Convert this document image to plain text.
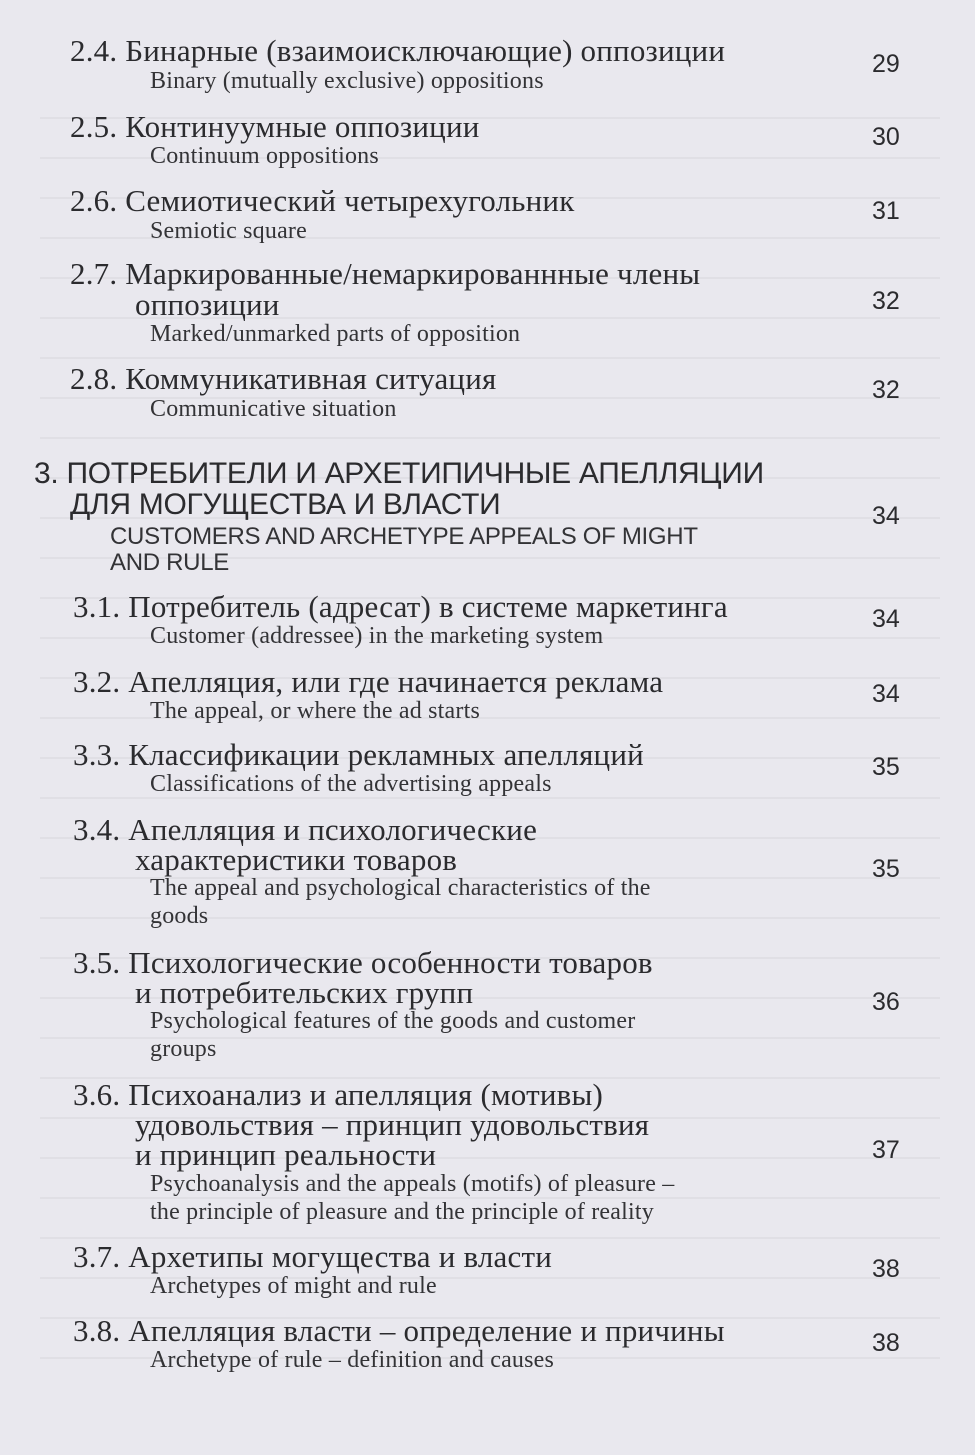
2.4. Бинарные (взаимоисключающие) оппозиции
Binary (mutually exclusive) oppositions
29
2.5. Континуумные оппозиции
Continuum oppositions
30
2.6. Семиотический четырехугольник
Semiotic square
31
2.7. Маркированные/немаркированнные члены
оппозиции
Marked/unmarked parts of opposition
32
2.8. Коммуникативная ситуация
Communicative situation
32
3. ПОТРЕБИТЕЛИ И АРХЕТИПИЧНЫЕ АПЕЛЛЯЦИИ
ДЛЯ МОГУЩЕСТВА И ВЛАСТИ
CUSTOMERS AND ARCHETYPE APPEALS OF MIGHT
AND RULE
34
3.1. Потребитель (адресат) в системе маркетинга
Customer (addressee) in the marketing system
34
3.2. Апелляция, или где начинается реклама
The appeal, or where the ad starts
34
3.3. Классификации рекламных апелляций
Classifications of the advertising appeals
35
3.4. Апелляция и психологические
характеристики товаров
The appeal and psychological characteristics of the
goods
35
3.5. Психологические особенности товаров
и потребительских групп
Psychological features of the goods and customer
groups
36
3.6. Психоанализ и апелляция (мотивы)
удовольствия – принцип удовольствия
и принцип реальности
Psychoanalysis and the appeals (motifs) of pleasure –
the principle of pleasure and the principle of reality
37
3.7. Архетипы могущества и власти
Archetypes of might and rule
38
3.8. Апелляция власти – определение и причины
Archetype of rule – definition and causes
38
